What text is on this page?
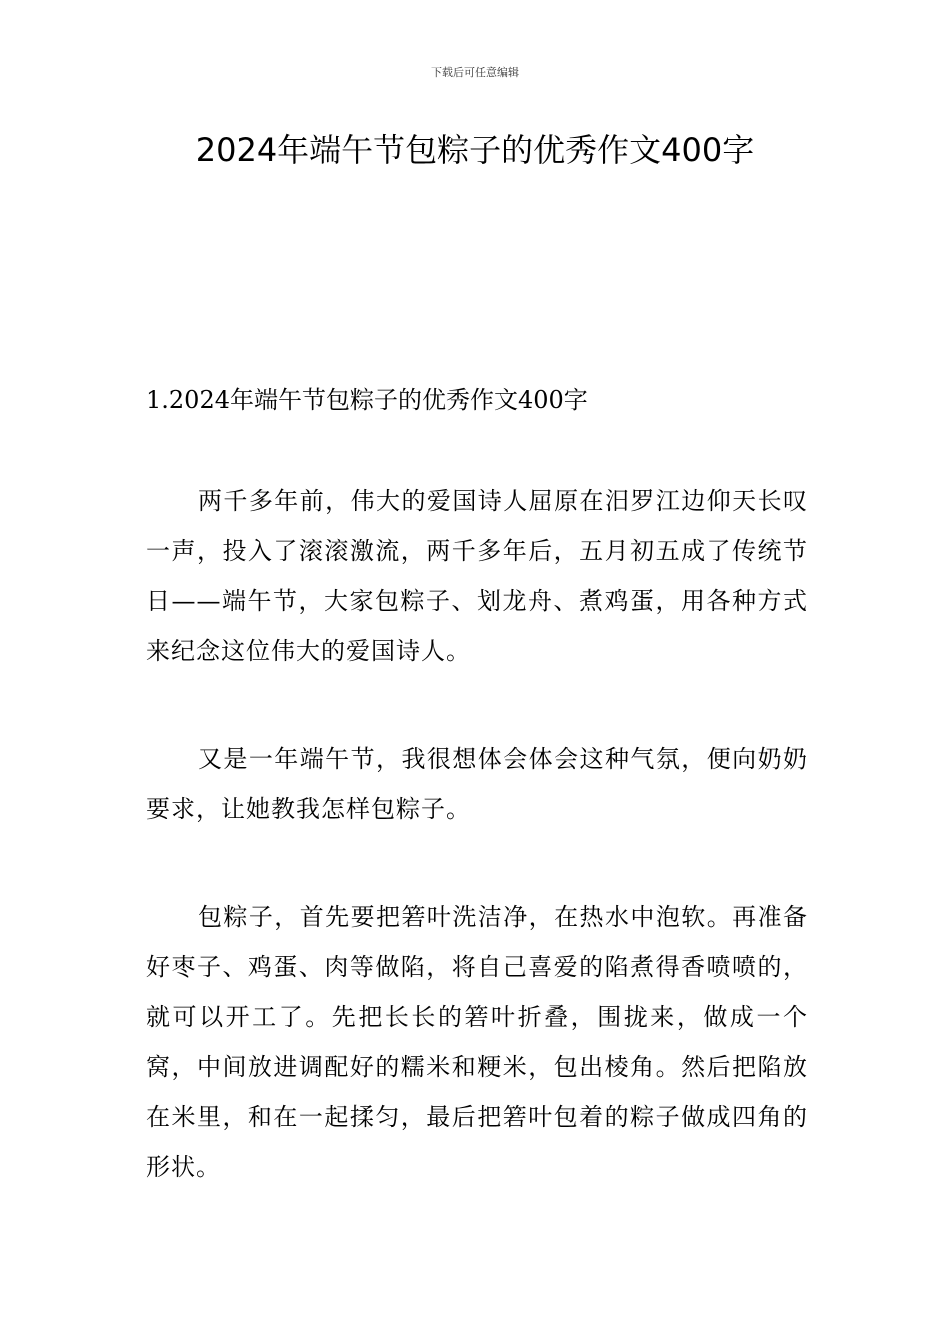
下载后可任意编辑
2024年端午节包粽子的优秀作文400字

1.2024年端午节包粽子的优秀作文400字

两千多年前，伟大的爱国诗人屈原在汨罗江边仰天长叹一声，投入了滚滚激流，两千多年后，五月初五成了传统节日——端午节，大家包粽子、划龙舟、煮鸡蛋，用各种方式来纪念这位伟大的爱国诗人。

又是一年端午节，我很想体会体会这种气氛，便向奶奶要求，让她教我怎样包粽子。

包粽子，首先要把箬叶洗洁净，在热水中泡软。再准备好枣子、鸡蛋、肉等做陷，将自己喜爱的陷煮得香喷喷的，就可以开工了。先把长长的箬叶折叠，围拢来，做成一个窝，中间放进调配好的糯米和粳米，包出棱角。然后把陷放在米里，和在一起揉匀，最后把箬叶包着的粽子做成四角的形状。
